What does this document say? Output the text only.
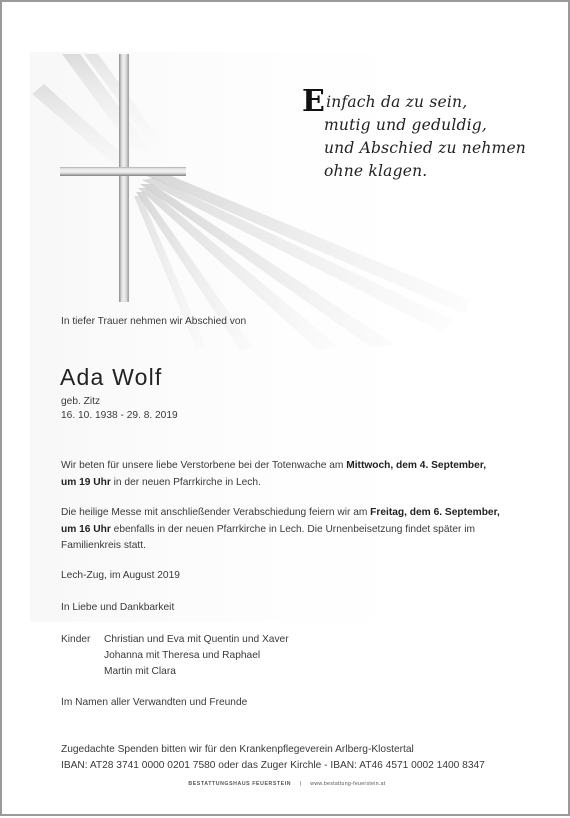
Einfach da zu sein,
mutig und geduldig,
und Abschied zu nehmen
ohne klagen.
In tiefer Trauer nehmen wir Abschied von
Ada Wolf
geb. Zitz
16. 10. 1938 - 29. 8. 2019
Wir beten für unsere liebe Verstorbene bei der Totenwache am Mittwoch, dem 4. September,
um 19 Uhr in der neuen Pfarrkirche in Lech.
Die heilige Messe mit anschließender Verabschiedung feiern wir am Freitag, dem 6. September,
um 16 Uhr ebenfalls in der neuen Pfarrkirche in Lech. Die Urnenbeisetzung findet später im Familienkreis statt.
Lech-Zug, im August 2019
In Liebe und Dankbarkeit
Kinder Christian und Eva mit Quentin und Xaver
Johanna mit Theresa und Raphael
Martin mit Clara
Im Namen aller Verwandten und Freunde
Zugedachte Spenden bitten wir für den Krankenpflegeverein Arlberg-Klostertal
IBAN: AT28 3741 0000 0201 7580 oder das Zuger Kirchle - IBAN: AT46 4571 0002 1400 8347
BESTATTUNGSHAUS FEUERSTEIN | www.bestattung-feuerstein.at
